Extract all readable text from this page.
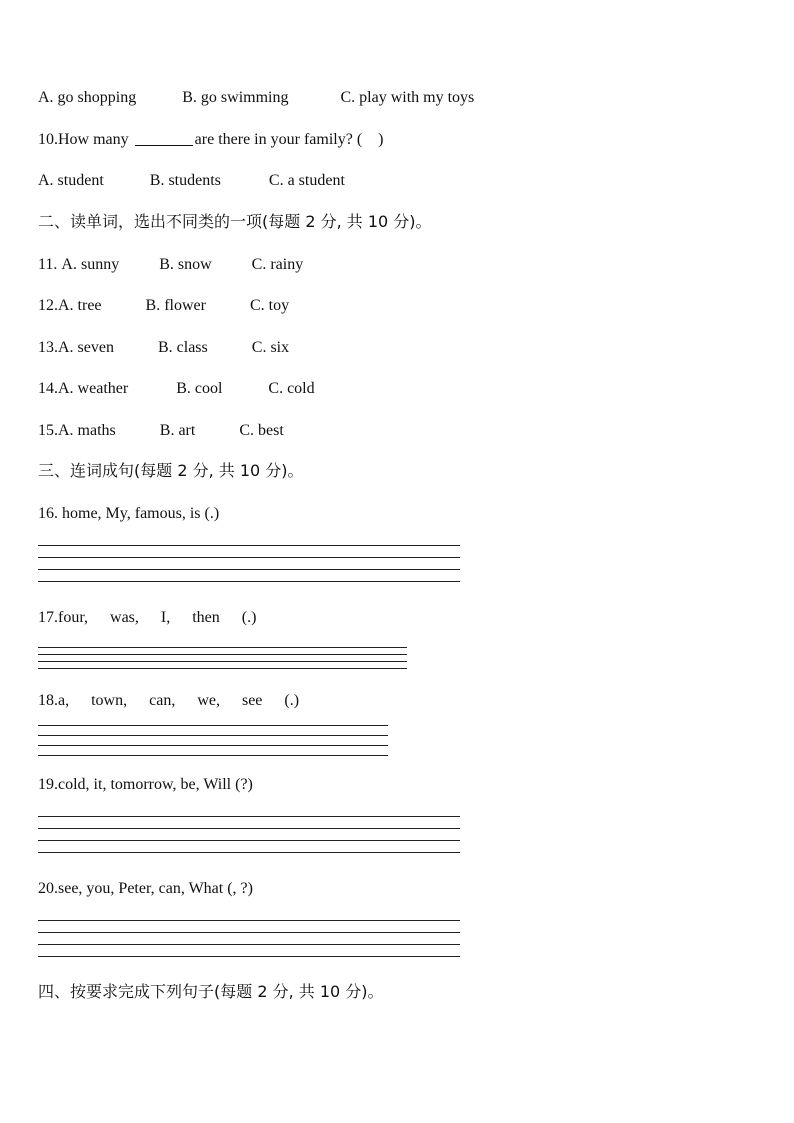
A. go shopping	B. go swimming	C. play with my toys
10.How many	are there in your family? (    )
A. student	B. students	C. a student
二、读单词，选出不同类的一项(每题 2 分, 共 10 分)。
11. A. sunny	B. snow	C. rainy
12.A. tree	B. flower	C. toy
13.A. seven	B. class	C. six
14.A. weather	B. cool	C. cold
15.A. maths	B. art	C. best
三、连词成句(每题 2 分, 共 10 分)。
16. home, My, famous, is (.)
17.four, was, I, then (.)
18.a, town, can, we, see (.)
19.cold, it, tomorrow, be, Will (?)
20.see, you, Peter, can, What (, ?)
四、按要求完成下列句子(每题 2 分, 共 10 分)。
